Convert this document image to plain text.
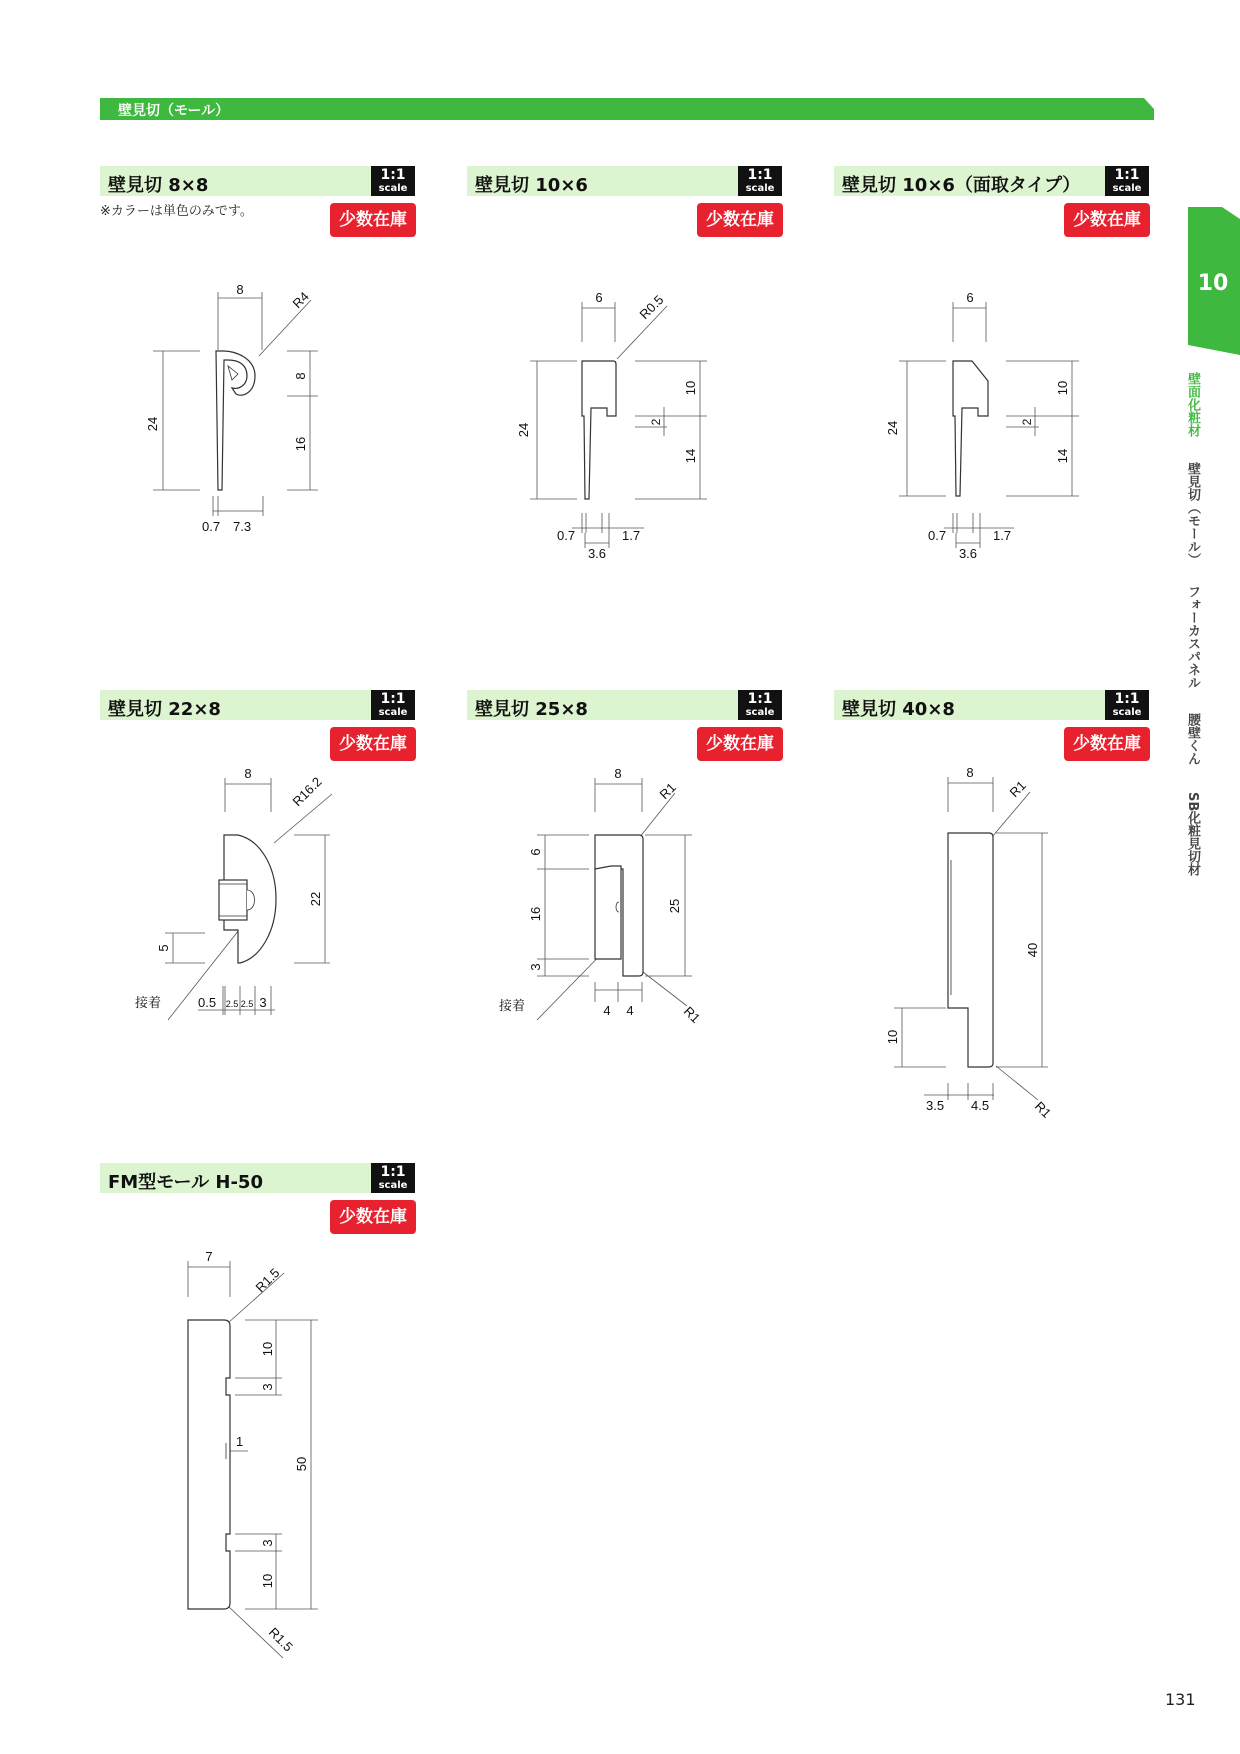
壁見切（モール）
壁見切 8×8	1:1
scale
※カラーは単色のみです。	少数在庫
8	R4
24
8
16
0.7 7.3
壁見切 10×6	1:1
scale
少数在庫
6	R0.5
24
10
2
14
0.7	1.7
3.6
壁見切 10×6（面取タイプ）	1:1
scale
少数在庫
6
24
10
2
14
0.7	1.7
3.6
壁見切 22×8	1:1
scale
少数在庫
8
R16.2
22
5
接着	0.5 2.5 2.5 3
壁見切 25×8	1:1
scale
少数在庫
8
R1
25
6
16
3
接着	4 4	R1
壁見切 40×8	1:1
scale
少数在庫
8
R1
40
10
3.5 4.5	R1
FM型モール H-50	1:1
scale
少数在庫
7
R1.5
50
10
3
1
3
10
R1.5
10
壁面化粧材
壁見切（モール）
フォーカスパネル
腰壁くん
SB化粧見切材
131
